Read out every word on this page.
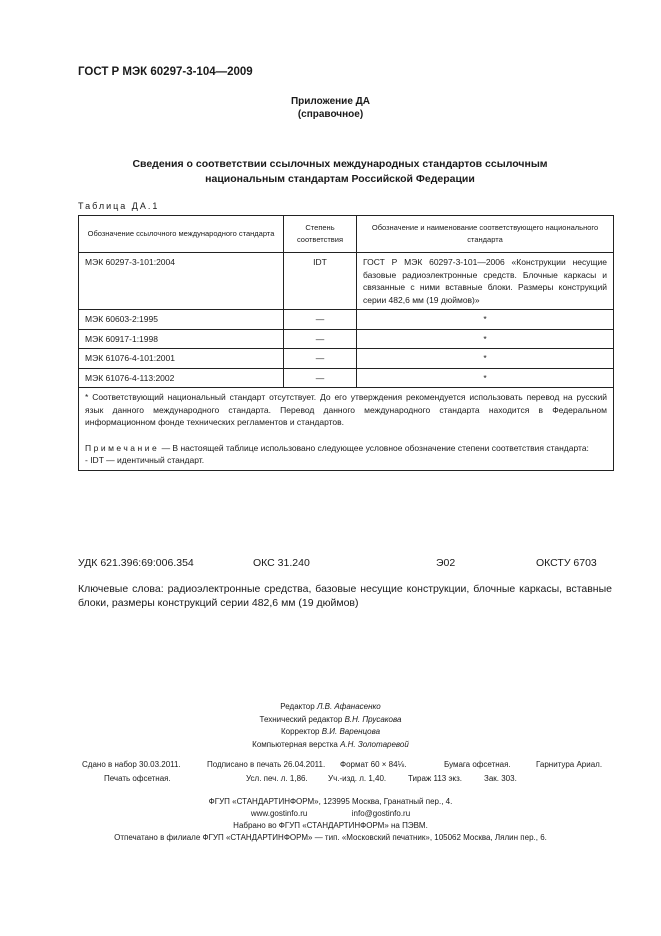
ГОСТ Р МЭК 60297-3-104—2009
Приложение ДА
(справочное)
Сведения о соответствии ссылочных международных стандартов ссылочным
национальным стандартам Российской Федерации
Таблица ДА.1
Обозначение ссылочного международного стандарта	Степень соответствия	Обозначение и наименование соответствующего национального стандарта
МЭК 60297-3-101:2004	IDT	ГОСТ Р МЭК 60297-3-101—2006 «Конструкции несущие базовые радиоэлектронные средств. Блочные каркасы и связанные с ними вставные блоки. Размеры конструкций серии 482,6 мм (19 дюймов)»
МЭК 60603-2:1995	—	*
МЭК 60917-1:1998	—	*
МЭК 61076-4-101:2001	—	*
МЭК 61076-4-113:2002	—	*

* Соответствующий национальный стандарт отсутствует. До его утверждения рекомендуется использовать перевод на русский язык данного международного стандарта. Перевод данного международного стандарта находится в Федеральном информационном фонде технических регламентов и стандартов.

Примечание — В настоящей таблице использовано следующее условное обозначение степени соответствия стандарта:

- IDT — идентичный стандарт.		

УДК 621.396:69:006.354	ОКС 31.240	Э02	ОКСТУ 6703
Ключевые слова: радиоэлектронные средства, базовые несущие конструкции, блочные каркасы, вставные блоки, размеры конструкций серии 482,6 мм (19 дюймов)
Редактор Л.В. Афанасенко
Технический редактор В.Н. Прусакова
Корректор В.И. Варенцова
Компьютерная верстка А.Н. Золотаревой
Сдано в набор 30.03.2011.	Подписано в печать 26.04.2011. Формат 60 × 84⅛.	Бумага офсетная.	Гарнитура Ариал.
Печать офсетная.	Усл. печ. л. 1,86.	Уч.-изд. л. 1,40.	Тираж 113 экз.	Зак. 303.
ФГУП «СТАНДАРТИНФОРМ», 123995 Москва, Гранатный пер., 4.
www.gostinfo.ru	info@gostinfo.ru
Набрано во ФГУП «СТАНДАРТИНФОРМ» на ПЭВМ.
Отпечатано в филиале ФГУП «СТАНДАРТИНФОРМ» — тип. «Московский печатник», 105062 Москва, Лялин пер., 6.
